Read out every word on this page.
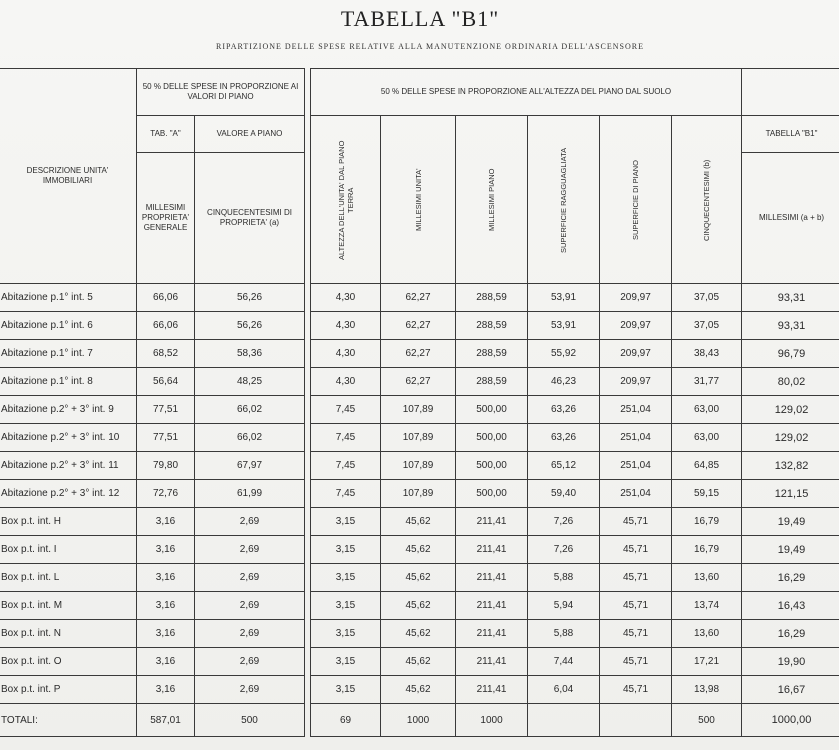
TABELLA "B1"
RIPARTIZIONE DELLE SPESE RELATIVE ALLA MANUTENZIONE ORDINARIA DELL'ASCENSORE
DESCRIZIONE UNITA' IMMOBILIARI	50 % DELLE SPESE IN PROPORZIONE AI VALORI DI PIANO			50 % DELLE SPESE IN PROPORZIONE ALL'ALTEZZA DEL PIANO DAL SUOLO						
	TAB. "A"	VALORE A PIANO		ALTEZZA DELL'UNITA' DAL PIANO TERRA	MILLESIMI UNITA'	MILLESIMI PIANO	SUPERFICIE RAGGUAGLIATA	SUPERFICIE DI PIANO	CINQUECENTESIMI (b)	TABELLA "B1"
	MILLESIMI PROPRIETA' GENERALE	CINQUECENTESIMI DI PROPRIETA' (a)								MILLESIMI (a + b)
Abitazione p.1° int. 5	66,06	56,26		4,30	62,27	288,59	53,91	209,97	37,05	93,31
Abitazione p.1° int. 6	66,06	56,26		4,30	62,27	288,59	53,91	209,97	37,05	93,31
Abitazione p.1° int. 7	68,52	58,36		4,30	62,27	288,59	55,92	209,97	38,43	96,79
Abitazione p.1° int. 8	56,64	48,25		4,30	62,27	288,59	46,23	209,97	31,77	80,02
Abitazione p.2° + 3° int. 9	77,51	66,02		7,45	107,89	500,00	63,26	251,04	63,00	129,02
Abitazione p.2° + 3° int. 10	77,51	66,02		7,45	107,89	500,00	63,26	251,04	63,00	129,02
Abitazione p.2° + 3° int. 11	79,80	67,97		7,45	107,89	500,00	65,12	251,04	64,85	132,82
Abitazione p.2° + 3° int. 12	72,76	61,99		7,45	107,89	500,00	59,40	251,04	59,15	121,15
Box p.t. int. H	3,16	2,69		3,15	45,62	211,41	7,26	45,71	16,79	19,49
Box p.t. int. I	3,16	2,69		3,15	45,62	211,41	7,26	45,71	16,79	19,49
Box p.t. int. L	3,16	2,69		3,15	45,62	211,41	5,88	45,71	13,60	16,29
Box p.t. int. M	3,16	2,69		3,15	45,62	211,41	5,94	45,71	13,74	16,43
Box p.t. int. N	3,16	2,69		3,15	45,62	211,41	5,88	45,71	13,60	16,29
Box p.t. int. O	3,16	2,69		3,15	45,62	211,41	7,44	45,71	17,21	19,90
Box p.t. int. P	3,16	2,69		3,15	45,62	211,41	6,04	45,71	13,98	16,67
TOTALI:	587,01	500		69	1000	1000			500	1000,00
